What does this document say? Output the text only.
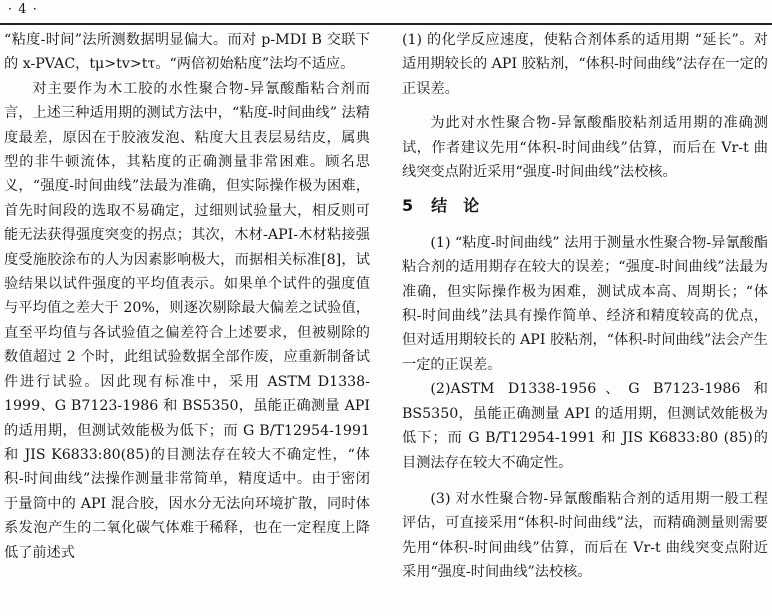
· 4 ·

“粘度-时间”法所测数据明显偏大。而对 p-MDI B 交联下的 x-PVAC，tμ>tv>tτ。“两倍初始粘度”法均不适应。

对主要作为木工胶的水性聚合物-异氰酸酯粘合剂而言，上述三种适用期的测试方法中，“粘度-时间曲线” 法精度最差，原因在于胶液发泡、粘度大且表层易结皮，属典型的非牛顿流体，其粘度的正确测量非常困难。顾名思义，“强度-时间曲线”法最为准确，但实际操作极为困难，首先时间段的选取不易确定，过细则试验量大，相反则可能无法获得强度突变的拐点；其次，木材-API-木材粘接强度受施胶涂布的人为因素影响极大，而据相关标准[8]，试验结果以试件强度的平均值表示。如果单个试件的强度值与平均值之差大于 20%，则逐次剔除最大偏差之试验值，直至平均值与各试验值之偏差符合上述要求，但被剔除的数值超过 2 个时，此组试验数据全部作废，应重新制备试件进行试验。因此现有标准中，采用 ASTM D1338-1999、G B7123-1986 和 BS5350，虽能正确测量 API 的适用期，但测试效能极为低下；而 G B/T12954-1991 和 JIS K6833:80(85)的目测法存在较大不确定性，“体积-时间曲线”法操作测量非常简单，精度适中。由于密闭于量筒中的 API 混合胶，因水分无法向环境扩散，同时体系发泡产生的二氧化碳气体难于稀释，也在一定程度上降低了前述式

(1) 的化学反应速度，使粘合剂体系的适用期 “延长”。对适用期较长的 API 胶粘剂，“体积-时间曲线”法存在一定的正误差。

为此对水性聚合物-异氰酸酯胶粘剂适用期的准确测试，作者建议先用“体积-时间曲线”估算，而后在 Vr-t 曲线突变点附近采用“强度-时间曲线”法校核。

5 结　论

(1) “粘度-时间曲线” 法用于测量水性聚合物-异氰酸酯粘合剂的适用期存在较大的误差；“强度-时间曲线”法最为准确，但实际操作极为困难，测试成本高、周期长；“体积-时间曲线”法具有操作简单、经济和精度较高的优点，但对适用期较长的 API 胶粘剂，“体积-时间曲线”法会产生一定的正误差。

(2)ASTM D1338-1956、G B7123-1986 和 BS5350，虽能正确测量 API 的适用期，但测试效能极为低下；而 G B/T12954-1991 和 JIS K6833:80 (85)的目测法存在较大不确定性。

(3) 对水性聚合物-异氰酸酯粘合剂的适用期一般工程评估，可直接采用“体积-时间曲线”法，而精确测量则需要先用“体积-时间曲线”估算，而后在 Vr-t 曲线突变点附近采用“强度-时间曲线”法校核。
